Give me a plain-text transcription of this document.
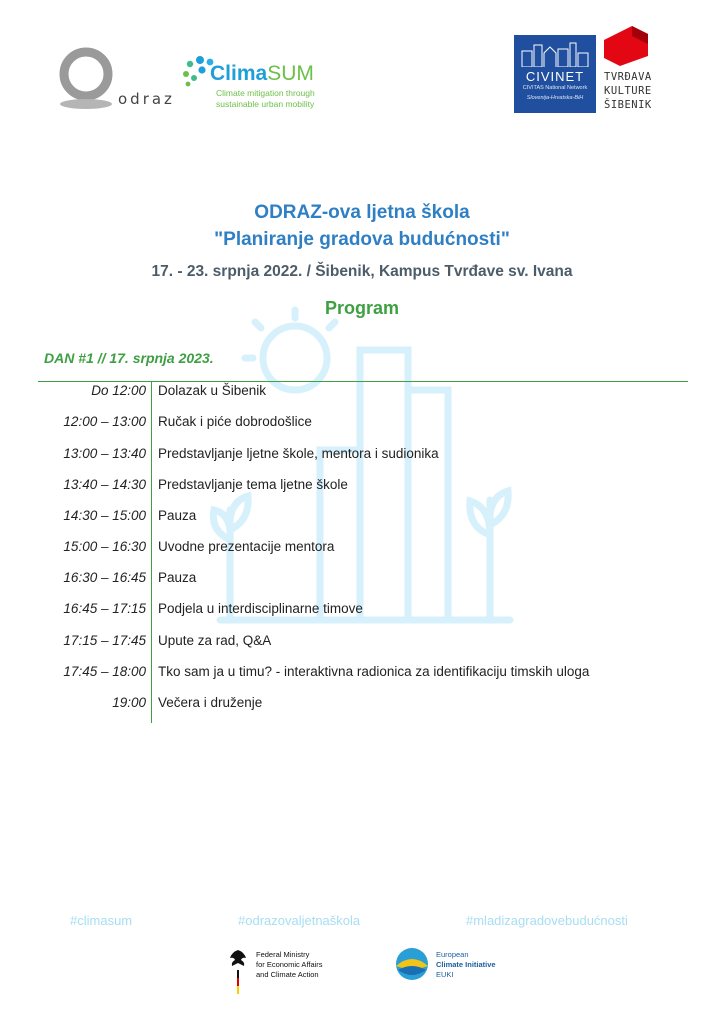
odraz
ClimaSUM
Climate mitigation through
sustainable urban mobility
CIVINET
CIVITAS National Network
Slovenija-Hrvatska-BiH
TVRĐAVA
KULTURE
ŠIBENIK
ODRAZ-ova ljetna škola
"Planiranje gradova budućnosti"
17. - 23. srpnja 2022. / Šibenik, Kampus Tvrđave sv. Ivana
Program
DAN #1 // 17. srpnja 2023.
Do 12:00 Dolazak u Šibenik
12:00 – 13:00 Ručak i piće dobrodošlice
13:00 – 13:40 Predstavljanje ljetne škole, mentora i sudionika
13:40 – 14:30 Predstavljanje tema ljetne škole
14:30 – 15:00 Pauza
15:00 – 16:30 Uvodne prezentacije mentora
16:30 – 16:45 Pauza
16:45 – 17:15 Podjela u interdisciplinarne timove
17:15 – 17:45 Upute za rad, Q&A
17:45 – 18:00 Tko sam ja u timu? - interaktivna radionica za identifikaciju timskih uloga
19:00 Večera i druženje
#climasum	#odrazovaljetnaškola	#mladizagradovebudućnosti
Federal Ministry
for Economic Affairs
and Climate Action
European
Climate Initiative
EUKI
